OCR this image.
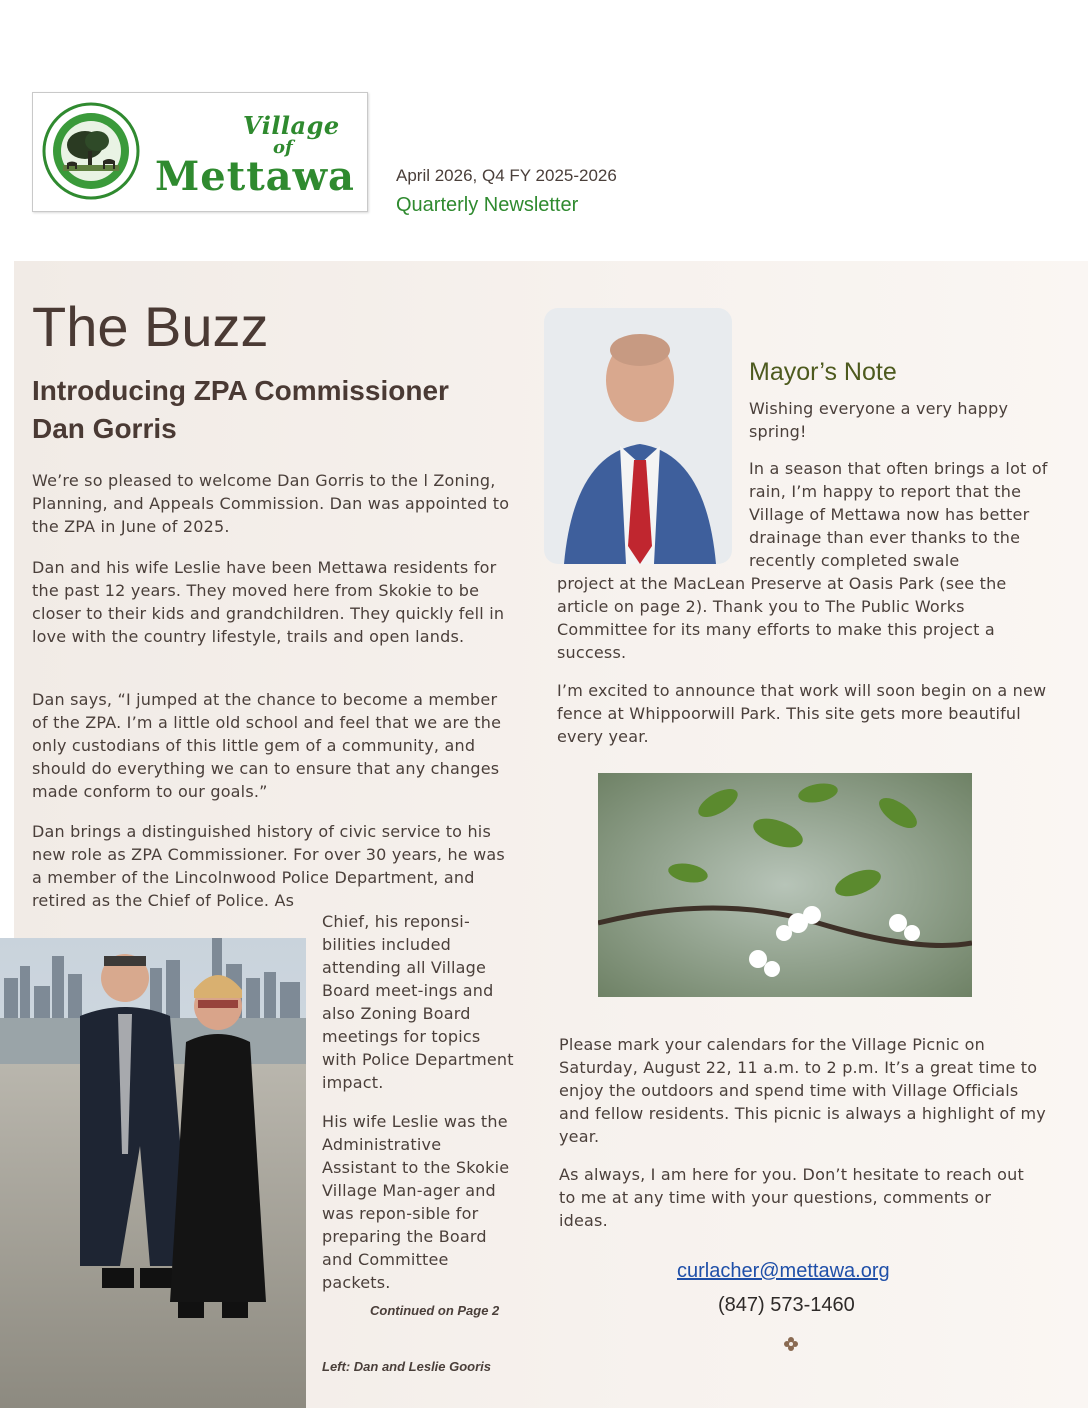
Village
of
Mettawa April 2026, Q4 FY 2025-2026
Quarterly Newsletter
The Buzz
Introducing ZPA Commissioner
Dan Gorris

We’re so pleased to welcome Dan Gorris to the l Zoning, Planning, and Appeals Commission. Dan was appointed to the ZPA in June of 2025.

Dan and his wife Leslie have been Mettawa residents for the past 12 years. They moved here from Skokie to be closer to their kids and grandchildren. They quickly fell in love with the country lifestyle, trails and open lands.

Dan says, “I jumped at the chance to become a member of the ZPA. I’m a little old school and feel that we are the only custodians of this little gem of a community, and should do everything we can to ensure that any changes made conform to our goals.”

Dan brings a distinguished history of civic service to his new role as ZPA Commissioner. For over 30 years, he was a member of the Lincolnwood Police Department, and retired as the Chief of Police. As

Chief, his reponsi-bilities included attending all Village Board meet-ings and also Zoning Board meetings for topics with Police Department impact.

His wife Leslie was the Administrative Assistant to the Skokie Village Man-ager and was repon-sible for preparing the Board and Committee packets.

Continued on Page 2
Left: Dan and Leslie Gooris
Mayor’s Note

Wishing everyone a very happy spring!

In a season that often brings a lot of rain, I’m happy to report that the Village of Mettawa now has better drainage than ever thanks to the recently completed swale

project at the MacLean Preserve at Oasis Park (see the article on page 2). Thank you to The Public Works Committee for its many efforts to make this project a success.

I’m excited to announce that work will soon begin on a new fence at Whippoorwill Park. This site gets more beautiful every year.

Please mark your calendars for the Village Picnic on Saturday, August 22, 11 a.m. to 2 p.m. It’s a great time to enjoy the outdoors and spend time with Village Officials and fellow residents. This picnic is always a highlight of my year.

As always, I am here for you. Don’t hesitate to reach out to me at any time with your questions, comments or ideas.

curlacher@mettawa.org
(847) 573-1460
